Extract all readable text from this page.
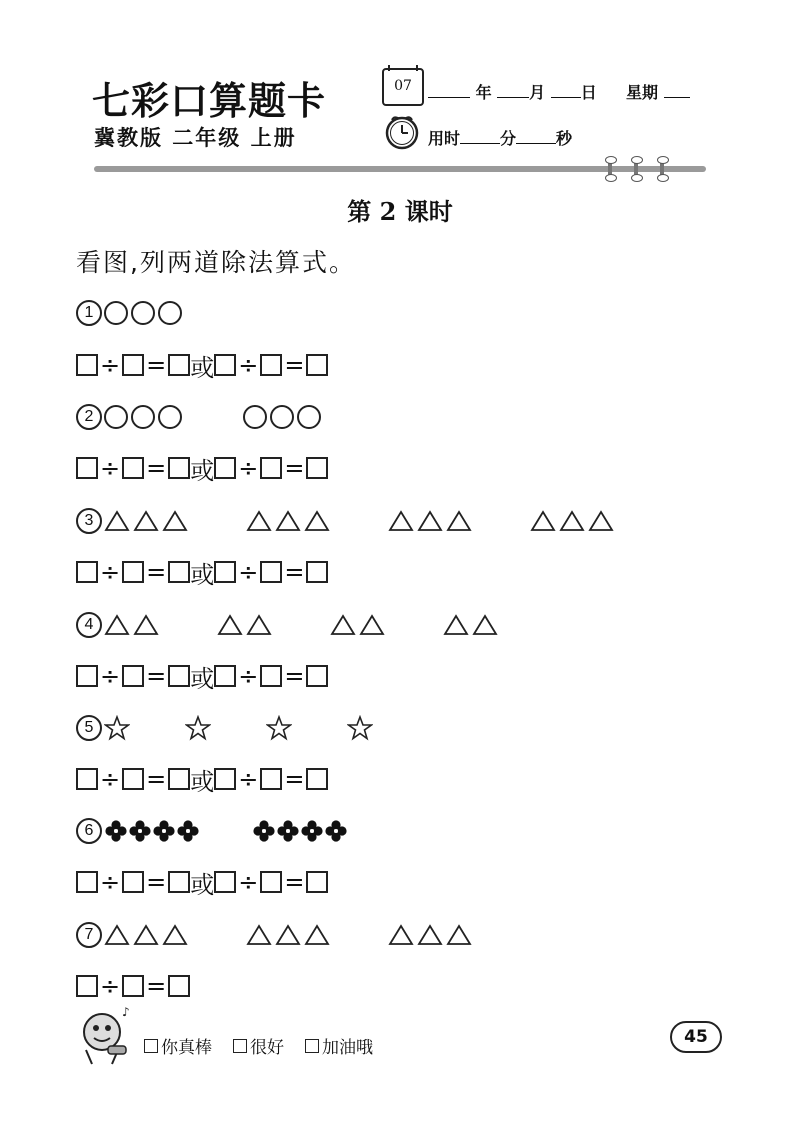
七彩口算题卡
冀教版 二年级 上册
07	年 月 日 星期
用时	分	秒
第 2 课时
看图,列两道除法算式。
1
÷ = 或 ÷ =
2
÷ = 或 ÷ =
3
÷ = 或 ÷ =
4
÷ = 或 ÷ =
5
÷ = 或 ÷ =
6
÷ = 或 ÷ =
7
÷ =
♪
你真棒 很好 加油哦
45
